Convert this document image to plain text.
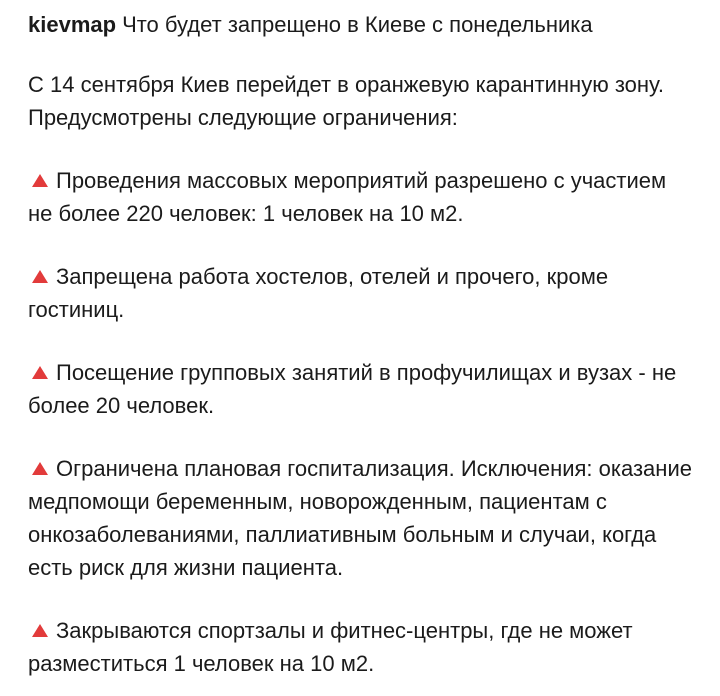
kievmap Что будет запрещено в Киеве с понедельника
С 14 сентября Киев перейдет в оранжевую карантинную зону. Предусмотрены следующие ограничения:
Проведения массовых мероприятий разрешено с участием не более 220 человек: 1 человек на 10 м2.
Запрещена работа хостелов, отелей и прочего, кроме гостиниц.
Посещение групповых занятий в профучилищах и вузах - не более 20 человек.
Ограничена плановая госпитализация. Исключения: оказание медпомощи беременным, новорожденным, пациентам с онкозаболеваниями, паллиативным больным и случаи, когда есть риск для жизни пациента.
Закрываются спортзалы и фитнес-центры, где не может разместиться 1 человек на 10 м2.
